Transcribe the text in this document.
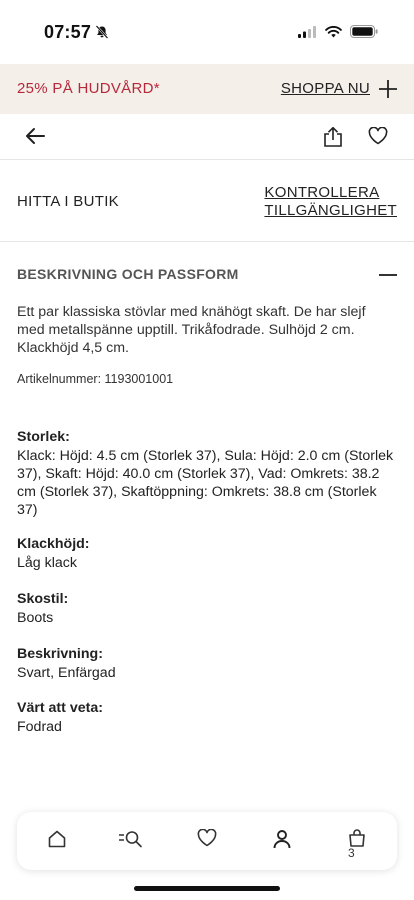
07:57
25% PÅ HUDVÅRD*	SHOPPA NU
HITTA I BUTIK
KONTROLLERA
TILLGÄNGLIGHET
BESKRIVNING OCH PASSFORM

Ett par klassiska stövlar med knähögt skaft. De har slejf med metallspänne upptill. Trikåfodrade. Sulhöjd 2 cm. Klackhöjd 4,5 cm.

Artikelnummer: 1193001001

Storlek:
Klack: Höjd: 4.5 cm (Storlek 37), Sula: Höjd: 2.0 cm (Storlek 37), Skaft: Höjd: 40.0 cm (Storlek 37), Vad: Omkrets: 38.2 cm (Storlek 37), Skaftöppning: Omkrets: 38.8 cm (Storlek 37)
Klackhöjd:
Låg klack
Skostil:
Boots
Beskrivning:
Svart, Enfärgad
Värt att veta:
Fodrad
3
